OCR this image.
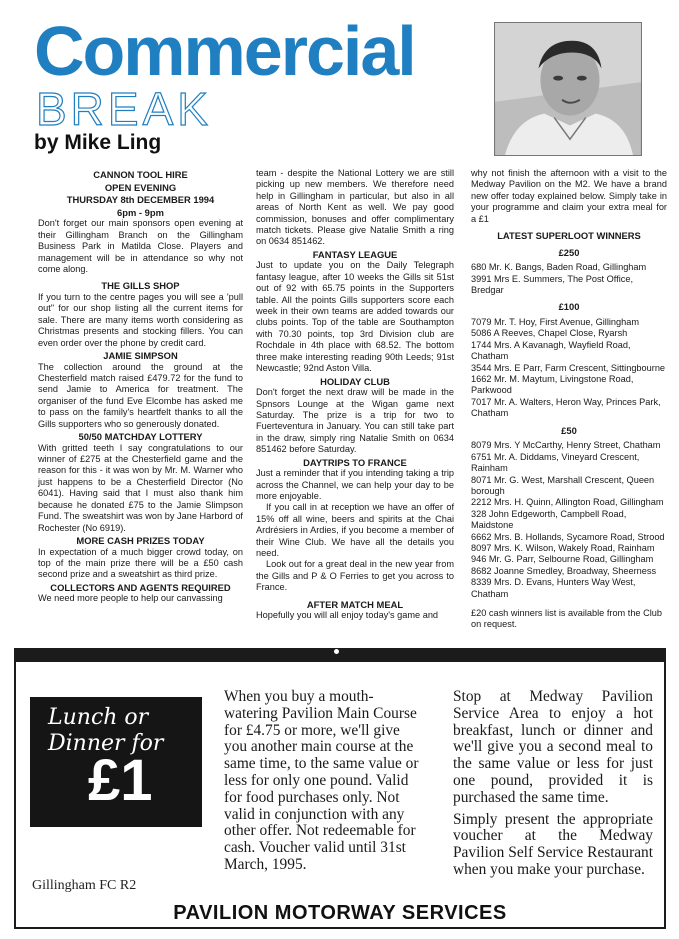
Commercial
BREAK
by Mike Ling
CANNON TOOL HIRE
OPEN EVENING
THURSDAY 8th DECEMBER 1994
6pm - 9pm

Don't forget our main sponsors open evening at their Gillingham Branch on the Gillingham Business Park in Matilda Close. Players and management will be in attendance so why not come along.

THE GILLS SHOP

If you turn to the centre pages you will see a 'pull out" for our shop listing all the current items for sale. There are many items worth considering as Christmas presents and stocking fillers. You can even order over the phone by credit card.

JAMIE SIMPSON

The collection around the ground at the Chesterfield match raised £479.72 for the fund to send Jamie to America for treatment. The organiser of the fund Eve Elcombe has asked me to pass on the family's heartfelt thanks to all the Gills supporters who so generously donated.

50/50 MATCHDAY LOTTERY

With gritted teeth I say congratulations to our winner of £275 at the Chesterfield game and the reason for this - it was won by Mr. M. Warner who just happens to be a Chesterfield Director (No 6041). Having said that I must also thank him because he donated £75 to the Jamie Slimpson Fund. The sweatshirt was won by Jane Harbord of Rochester (No 6919).

MORE CASH PRIZES TODAY

In expectation of a much bigger crowd today, on top of the main prize there will be a £50 cash second prize and a sweatshirt as third prize.

COLLECTORS AND AGENTS REQUIRED

We need more people to help our canvassing

team - despite the National Lottery we are still picking up new members. We therefore need help in Gillingham in particular, but also in all areas of North Kent as well. We pay good commission, bonuses and offer complimentary match tickets. Please give Natalie Smith a ring on 0634 851462.

FANTASY LEAGUE

Just to update you on the Daily Telegraph fantasy league, after 10 weeks the Gills sit 51st out of 92 with 65.75 points in the Supporters table. All the points Gills supporters score each week in their own teams are added towards our clubs points. Top of the table are Southampton with 70.30 points, top 3rd Division club are Rochdale in 4th place with 68.52. The bottom three make interesting reading 90th Leeds; 91st Newcastle; 92nd Aston Villa.

HOLIDAY CLUB

Don't forget the next draw will be made in the Spnsors Lounge at the Wigan game next Saturday. The prize is a trip for two to Fuerteventura in January. You can still take part in the draw, simply ring Natalie Smith on 0634 851462 before Saturday.

DAYTRIPS TO FRANCE

Just a reminder that if you intending taking a trip across the Channel, we can help your day to be more enjoyable.

If you call in at reception we have an offer of 15% off all wine, beers and spirits at the Chai Ardrésiers in Ardies, if you become a member of their Wine Club. We have all the details you need.

Look out for a great deal in the new year from the Gills and P & O Ferries to get you across to France.

AFTER MATCH MEAL

Hopefully you will all enjoy today's game and

why not finish the afternoon with a visit to the Medway Pavilion on the M2. We have a brand new offer today explained below. Simply take in your programme and claim your extra meal for a £1

LATEST SUPERLOOT WINNERS
£250

680 Mr. K. Bangs, Baden Road, Gillingham

3991 Mrs E. Summers, The Post Office, Bredgar

£100

7079 Mr. T. Hoy, First Avenue, Gillingham

5086 A Reeves, Chapel Close, Ryarsh

1744 Mrs. A Kavanagh, Wayfield Road, Chatham

3544 Mrs. E Parr, Farm Crescent, Sittingbourne

1662 Mr. M. Maytum, Livingstone Road, Parkwood

7017 Mr. A. Walters, Heron Way, Princes Park, Chatham

£50

8079 Mrs. Y McCarthy, Henry Street, Chatham

6751 Mr. A. Diddams, Vineyard Crescent, Rainham

8071 Mr. G. West, Marshall Crescent, Queen borough

2212 Mrs. H. Quinn, Allington Road, Gillingham

328 John Edgeworth, Campbell Road, Maidstone

6662 Mrs. B. Hollands, Sycamore Road, Strood

8097 Mrs. K. Wilson, Wakely Road, Rainham

946 Mr. G. Parr, Selbourne Road, Gillingham

8682 Joanne Smedley, Broadway, Sheerness

8339 Mrs. D. Evans, Hunters Way West, Chatham

£20 cash winners list is available from the Club on request.

Lunch or
Dinner for
£1
Gillingham FC R2
When you buy a mouth-watering Pavilion Main Course for £4.75 or more, we'll give you another main course at the same time, to the same value or less for only one pound. Valid for food purchases only. Not valid in conjunction with any other offer. Not redeemable for cash. Voucher valid until 31st March, 1995.

Stop at Medway Pavilion Service Area to enjoy a hot breakfast, lunch or dinner and we'll give you a second meal to the same value or less for just one pound, provided it is purchased the same time.

Simply present the appropriate voucher at the Medway Pavilion Self Service Restaurant when you make your purchase.

PAVILION MOTORWAY SERVICES
